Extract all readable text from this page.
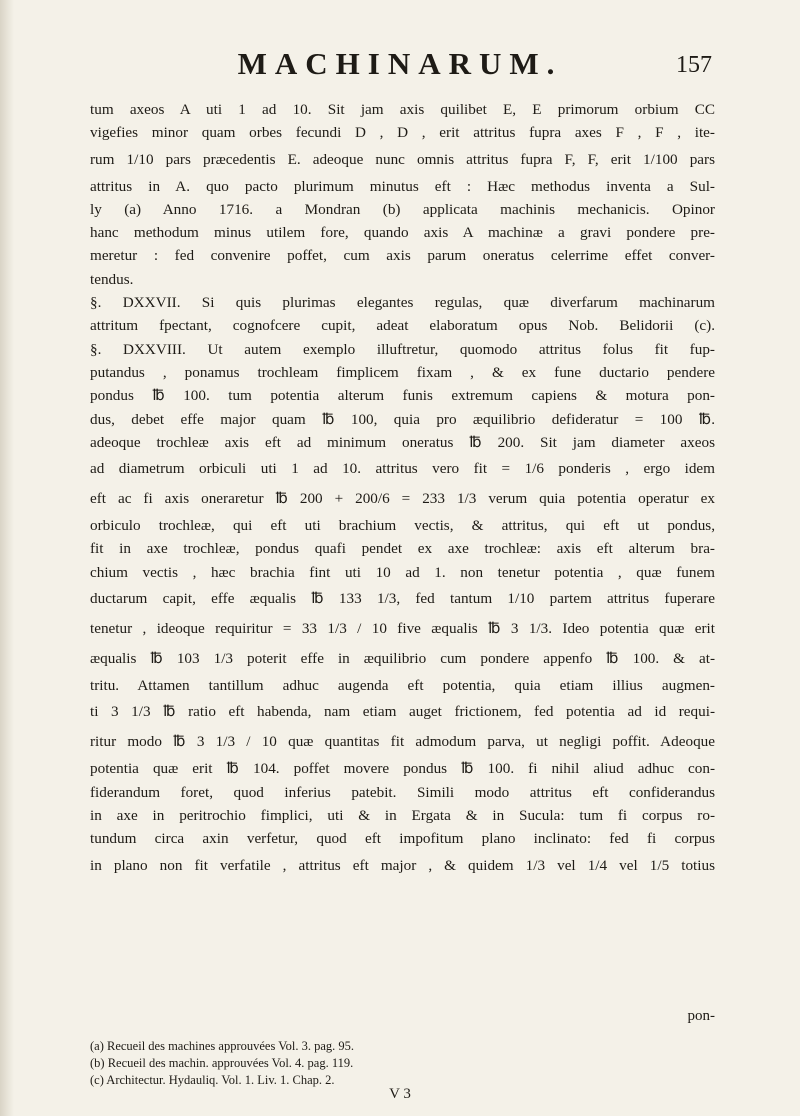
MACHINARUM.	157
tum axeos A uti 1 ad 10. Sit jam axis quilibet E, E primorum orbium CC
vigefies minor quam orbes fecundi D , D , erit attritus fupra axes F , F , ite-
rum 1/10 pars præcedentis E. adeoque nunc omnis attritus fupra F, F, erit 1/100 pars
attritus in A. quo pacto plurimum minutus eft : Hæc methodus inventa a Sul-
ly (a) Anno 1716. a Mondran (b) applicata machinis mechanicis. Opinor
hanc methodum minus utilem fore, quando axis A machinæ a gravi pondere pre-
meretur : fed convenire poffet, cum axis parum oneratus celerrime effet conver-
tendus.
§. DXXVII. Si quis plurimas elegantes regulas, quæ diverfarum machinarum
attritum fpectant, cognofcere cupit, adeat elaboratum opus Nob. Belidorii (c).
§. DXXVIII. Ut autem exemplo illuftretur, quomodo attritus folus fit fup-
putandus , ponamus trochleam fimplicem fixam , & ex fune ductario pendere
pondus ℔ 100. tum potentia alterum funis extremum capiens & motura pon-
dus, debet effe major quam ℔ 100, quia pro æquilibrio defideratur = 100 ℔.
adeoque trochleæ axis eft ad minimum oneratus ℔ 200. Sit jam diameter axeos
ad diametrum orbiculi uti 1 ad 10. attritus vero fit = 1/6 ponderis , ergo idem
eft ac fi axis oneraretur ℔ 200 + 200/6 = 233 1/3 verum quia potentia operatur ex
orbiculo trochleæ, qui eft uti brachium vectis, & attritus, qui eft ut pondus,
fit in axe trochleæ, pondus quafi pendet ex axe trochleæ: axis eft alterum bra-
chium vectis , hæc brachia fint uti 10 ad 1. non tenetur potentia , quæ funem
ductarum capit, effe æqualis ℔ 133 1/3, fed tantum 1/10 partem attritus fuperare
tenetur , ideoque requiritur = 33 1/3 / 10 five æqualis ℔ 3 1/3. Ideo potentia quæ erit
æqualis ℔ 103 1/3 poterit effe in æquilibrio cum pondere appenfo ℔ 100. & at-
tritu. Attamen tantillum adhuc augenda eft potentia, quia etiam illius augmen-
ti 3 1/3 ℔ ratio eft habenda, nam etiam auget frictionem, fed potentia ad id requi-
ritur modo ℔ 3 1/3 / 10 quæ quantitas fit admodum parva, ut negligi poffit. Adeoque
potentia quæ erit ℔ 104. poffet movere pondus ℔ 100. fi nihil aliud adhuc con-
fiderandum foret, quod inferius patebit. Simili modo attritus eft confiderandus
in axe in peritrochio fimplici, uti & in Ergata & in Sucula: tum fi corpus ro-
tundum circa axin verfetur, quod eft impofitum plano inclinato: fed fi corpus
in plano non fit verfatile , attritus eft major , & quidem 1/3 vel 1/4 vel 1/5 totius
pon-
(a) Recueil des machines approuvées Vol. 3. pag. 95.
(b) Recueil des machin. approuvées Vol. 4. pag. 119.
(c) Architectur. Hydauliq. Vol. 1. Liv. 1. Chap. 2.
V 3
